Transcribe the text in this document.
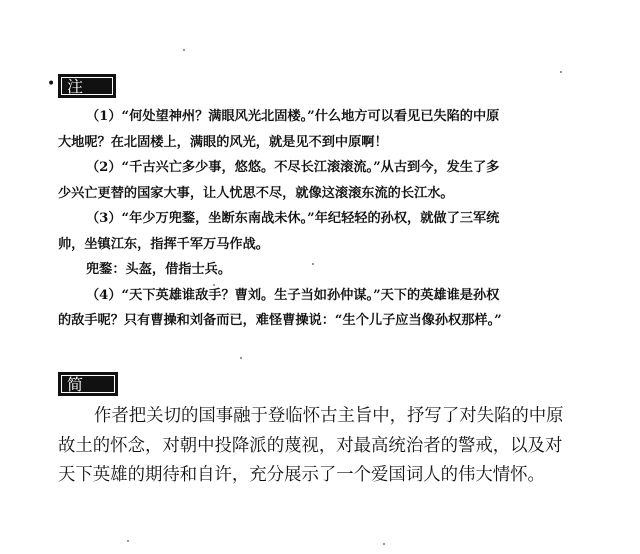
• 注释
（1）“何处望神州？满眼风光北固楼。”什么地方可以看见已失陷的中原
大地呢？在北固楼上，满眼的风光，就是见不到中原啊！
（2）“千古兴亡多少事，悠悠。不尽长江滚滚流。”从古到今，发生了多
少兴亡更替的国家大事，让人忧思不尽，就像这滚滚东流的长江水。
（3）“年少万兜鍪，坐断东南战未休。”年纪轻轻的孙权，就做了三军统
帅，坐镇江东，指挥千军万马作战。
兜鍪：头盔，借指士兵。
（4）“天下英雄谁敌手？曹刘。生子当如孙仲谋。”天下的英雄谁是孙权
的敌手呢？只有曹操和刘备而已，难怪曹操说：“生个儿子应当像孙权那样。”
简析 作者把关切的国事融于登临怀古主旨中，抒写了对失陷的中原
故土的怀念，对朝中投降派的蔑视，对最高统治者的警戒，以及对
天下英雄的期待和自许，充分展示了一个爱国词人的伟大情怀。
